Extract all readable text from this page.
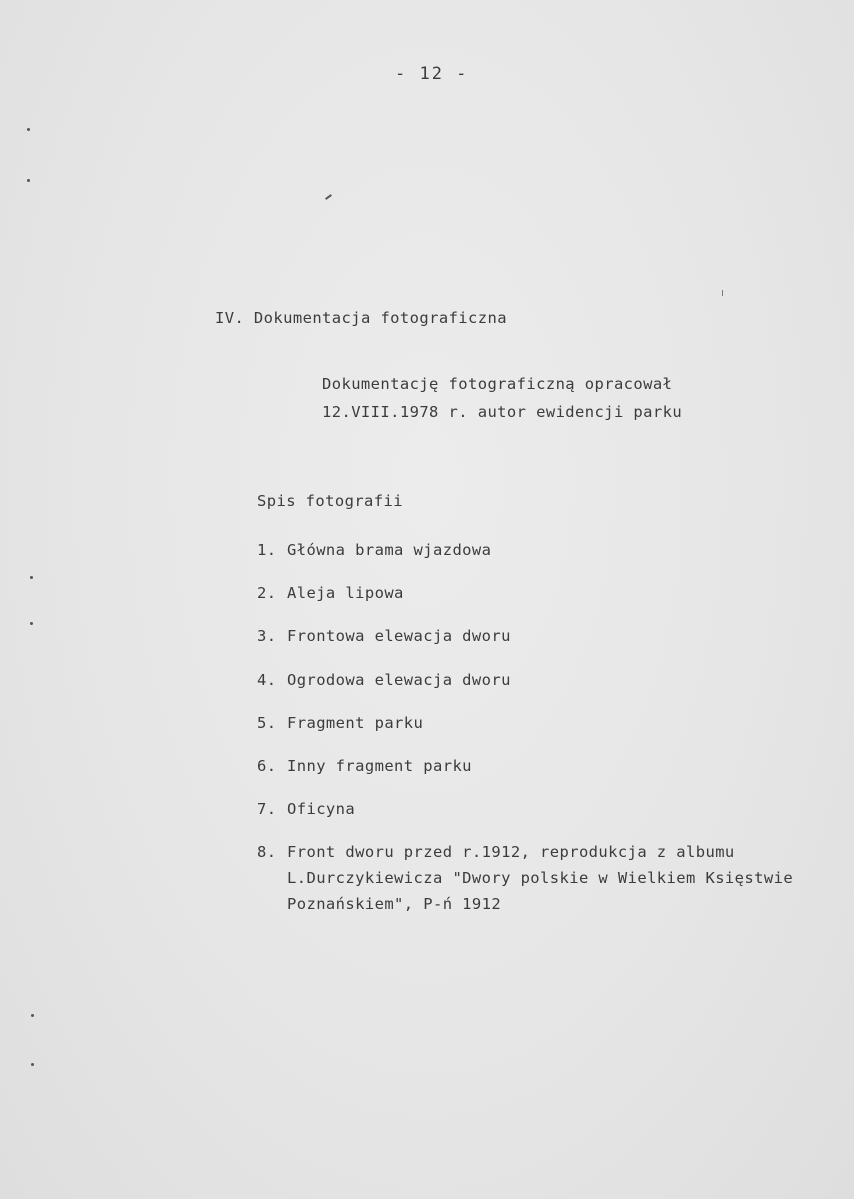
- 12 -
IV. Dokumentacja fotograficzna
Dokumentację fotograficzną opracował
12.VIII.1978 r. autor ewidencji parku
Spis fotografii
1. Główna brama wjazdowa
2. Aleja lipowa
3. Frontowa elewacja dworu
4. Ogrodowa elewacja dworu
5. Fragment parku
6. Inny fragment parku
7. Oficyna
8. Front dworu przed r.1912, reprodukcja z albumu
L.Durczykiewicza "Dwory polskie w Wielkiem Księstwie
Poznańskiem", P-ń 1912
